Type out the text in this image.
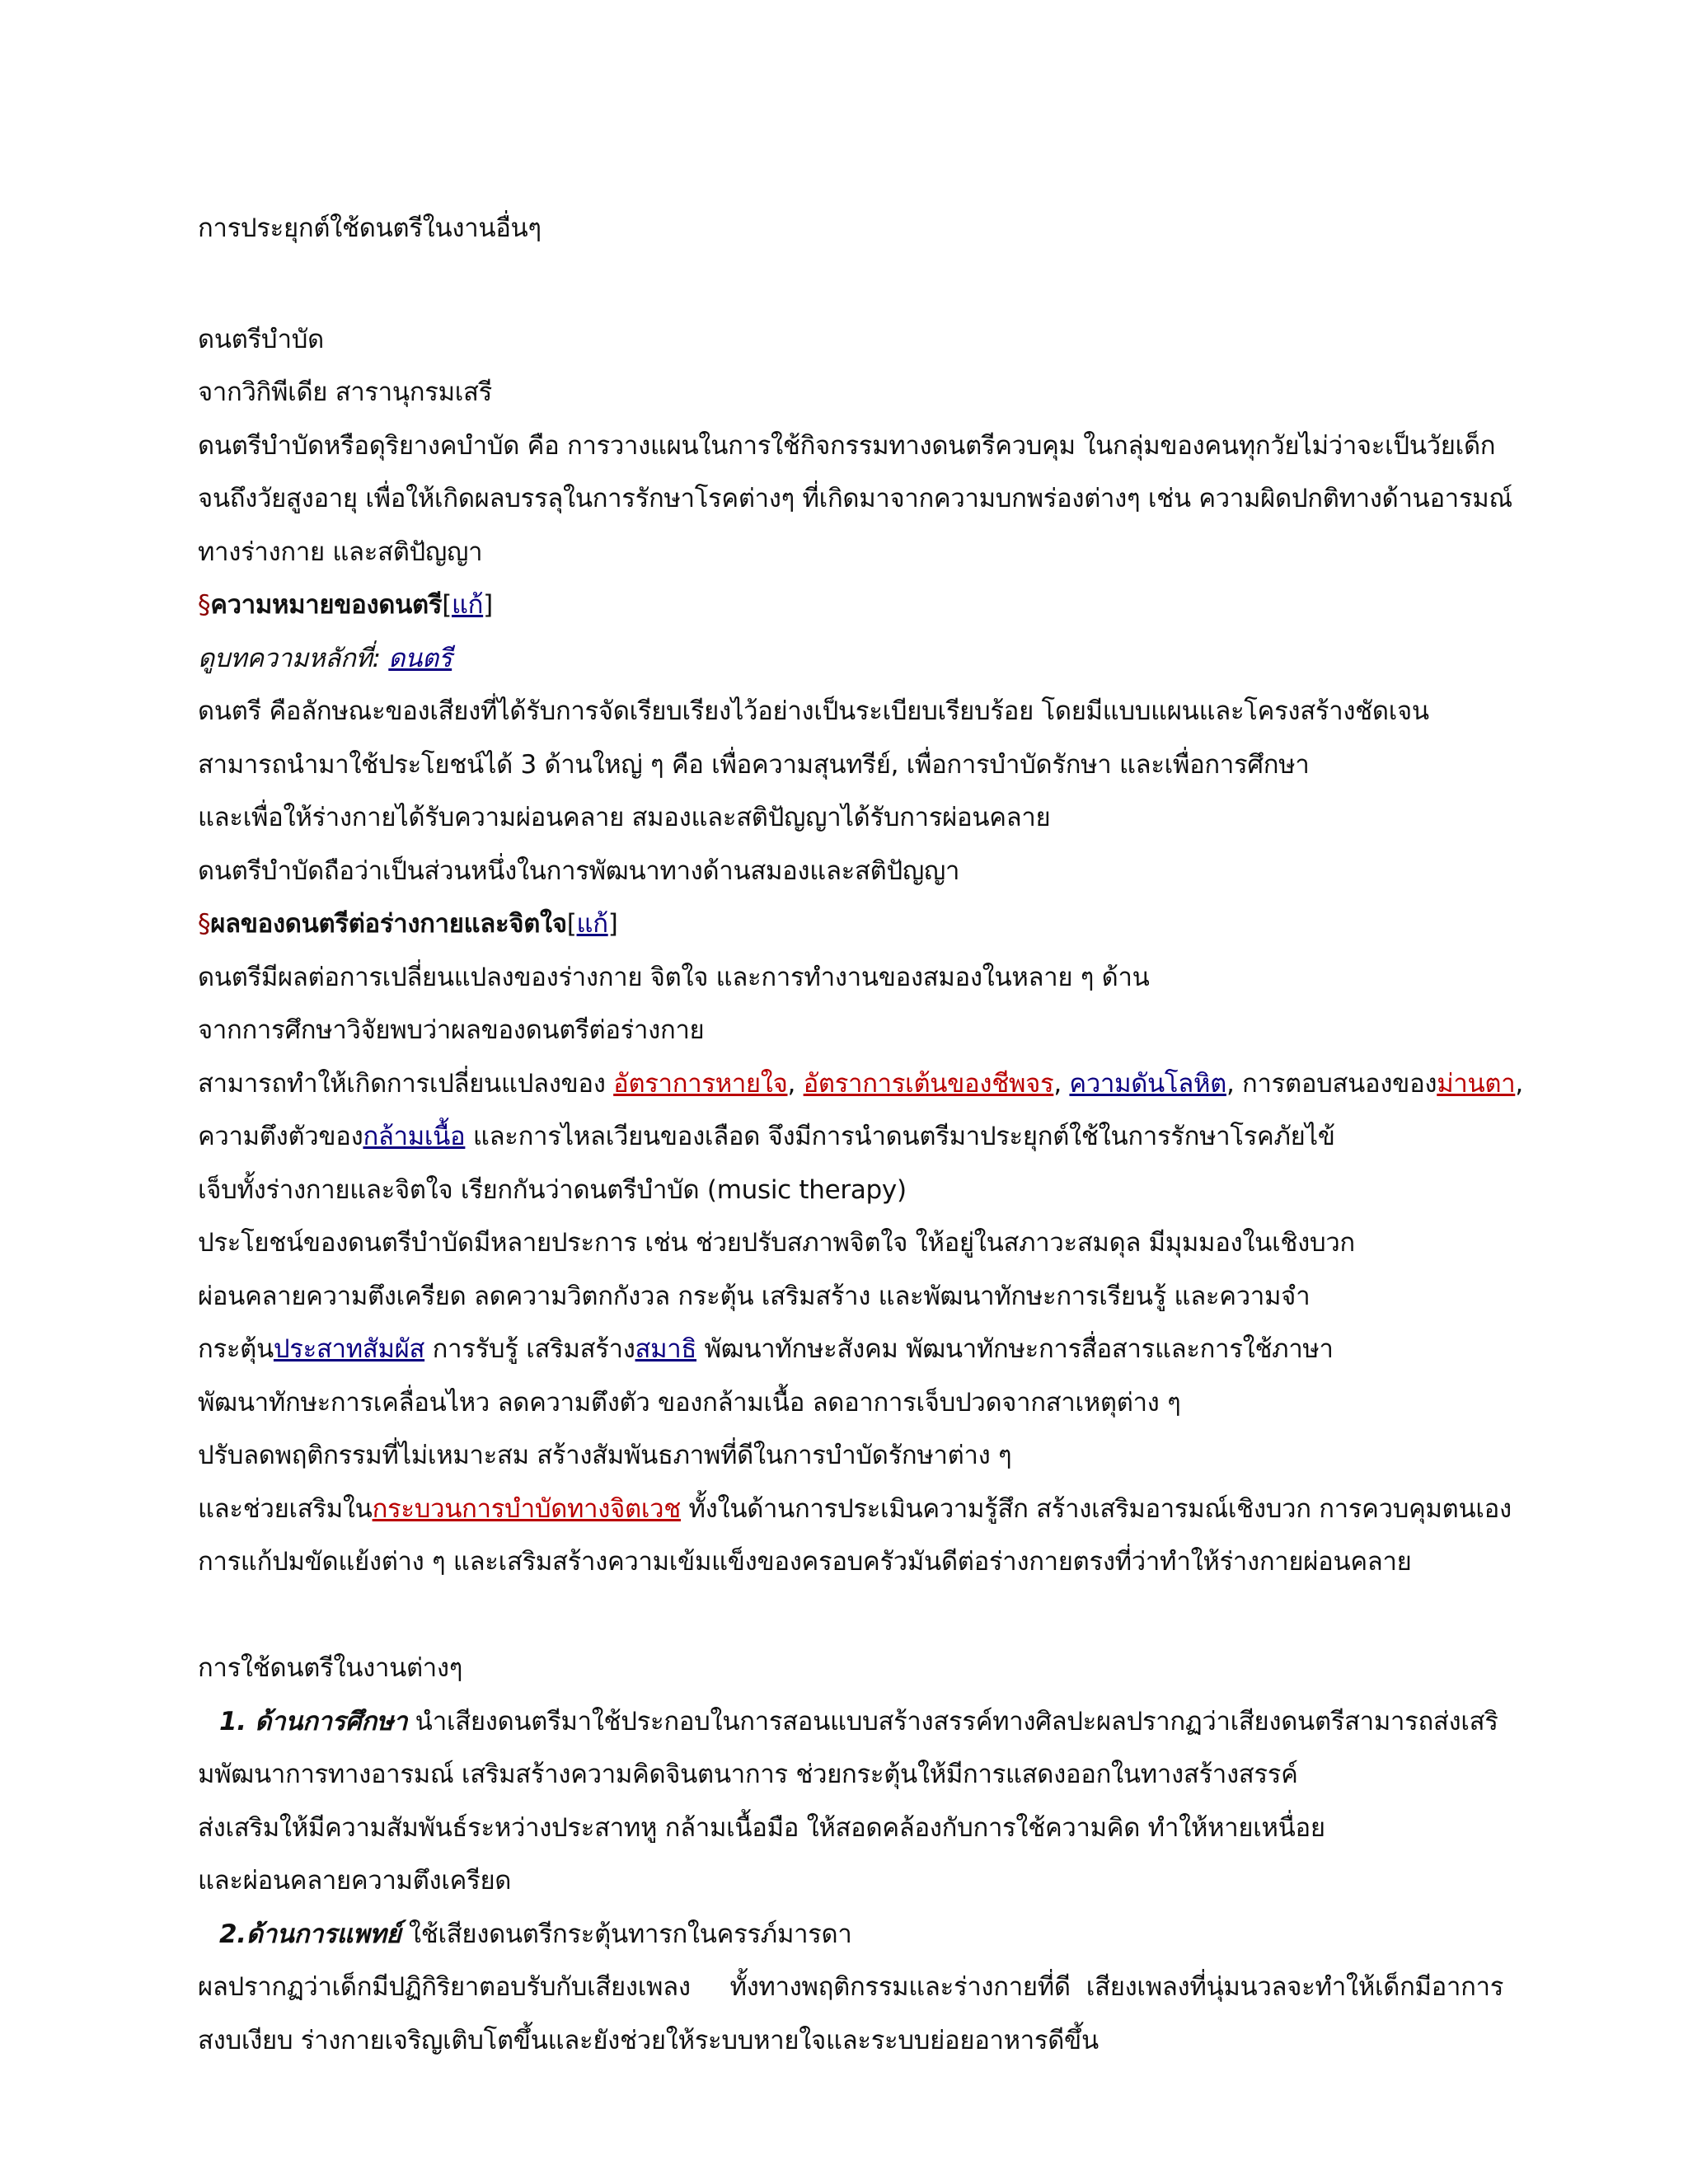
การประยุกต์ใช้ดนตรีในงานอื่นๆ
ดนตรีบำบัด
จากวิกิพีเดีย สารานุกรมเสรี
ดนตรีบำบัดหรือดุริยางคบำบัด คือ การวางแผนในการใช้กิจกรรมทางดนตรีควบคุม ในกลุ่มของคนทุกวัยไม่ว่าจะเป็นวัยเด็ก
จนถึงวัยสูงอายุ เพื่อให้เกิดผลบรรลุในการรักษาโรคต่างๆ ที่เกิดมาจากความบกพร่องต่างๆ เช่น ความผิดปกติทางด้านอารมณ์
ทางร่างกาย และสติปัญญา
§ความหมายของดนตรี[แก้]
ดูบทความหลักที่: ดนตรี
ดนตรี คือลักษณะของเสียงที่ได้รับการจัดเรียบเรียงไว้อย่างเป็นระเบียบเรียบร้อย โดยมีแบบแผนและโครงสร้างชัดเจน
สามารถนำมาใช้ประโยชน์ได้ 3 ด้านใหญ่ ๆ คือ เพื่อความสุนทรีย์, เพื่อการบำบัดรักษา และเพื่อการศึกษา
และเพื่อให้ร่างกายได้รับความผ่อนคลาย สมองและสติปัญญาได้รับการผ่อนคลาย
ดนตรีบำบัดถือว่าเป็นส่วนหนึ่งในการพัฒนาทางด้านสมองและสติปัญญา
§ผลของดนตรีต่อร่างกายและจิตใจ[แก้]
ดนตรีมีผลต่อการเปลี่ยนแปลงของร่างกาย จิตใจ และการทำงานของสมองในหลาย ๆ ด้าน
จากการศึกษาวิจัยพบว่าผลของดนตรีต่อร่างกาย
สามารถทำให้เกิดการเปลี่ยนแปลงของ อัตราการหายใจ, อัตราการเต้นของชีพจร, ความดันโลหิต, การตอบสนองของม่านตา,
ความตึงตัวของกล้ามเนื้อ และการไหลเวียนของเลือด จึงมีการนำดนตรีมาประยุกต์ใช้ในการรักษาโรคภัยไข้
เจ็บทั้งร่างกายและจิตใจ เรียกกันว่าดนตรีบำบัด (music therapy)
ประโยชน์ของดนตรีบำบัดมีหลายประการ เช่น ช่วยปรับสภาพจิตใจ ให้อยู่ในสภาวะสมดุล มีมุมมองในเชิงบวก
ผ่อนคลายความตึงเครียด ลดความวิตกกังวล กระตุ้น เสริมสร้าง และพัฒนาทักษะการเรียนรู้ และความจำ
กระตุ้นประสาทสัมผัส การรับรู้ เสริมสร้างสมาธิ พัฒนาทักษะสังคม พัฒนาทักษะการสื่อสารและการใช้ภาษา
พัฒนาทักษะการเคลื่อนไหว ลดความตึงตัว ของกล้ามเนื้อ ลดอาการเจ็บปวดจากสาเหตุต่าง ๆ
ปรับลดพฤติกรรมที่ไม่เหมาะสม สร้างสัมพันธภาพที่ดีในการบำบัดรักษาต่าง ๆ
และช่วยเสริมในกระบวนการบำบัดทางจิตเวช ทั้งในด้านการประเมินความรู้สึก สร้างเสริมอารมณ์เชิงบวก การควบคุมตนเอง
การแก้ปมขัดแย้งต่าง ๆ และเสริมสร้างความเข้มแข็งของครอบครัวมันดีต่อร่างกายตรงที่ว่าทำให้ร่างกายผ่อนคลาย
การใช้ดนตรีในงานต่างๆ
1. ด้านการศึกษา นำเสียงดนตรีมาใช้ประกอบในการสอนแบบสร้างสรรค์ทางศิลปะผลปรากฏว่าเสียงดนตรีสามารถส่งเสริ
มพัฒนาการทางอารมณ์ เสริมสร้างความคิดจินตนาการ ช่วยกระตุ้นให้มีการแสดงออกในทางสร้างสรรค์
ส่งเสริมให้มีความสัมพันธ์ระหว่างประสาทหู กล้ามเนื้อมือ ให้สอดคล้องกับการใช้ความคิด ทำให้หายเหนื่อย
และผ่อนคลายความตึงเครียด
2.ด้านการแพทย์ ใช้เสียงดนตรีกระตุ้นทารกในครรภ์มารดา
ผลปรากฏว่าเด็กมีปฏิกิริยาตอบรับกับเสียงเพลง     ทั้งทางพฤติกรรมและร่างกายที่ดี  เสียงเพลงที่นุ่มนวลจะทำให้เด็กมีอาการ
สงบเงียบ ร่างกายเจริญเติบโตขึ้นและยังช่วยให้ระบบหายใจและระบบย่อยอาหารดีขึ้น
